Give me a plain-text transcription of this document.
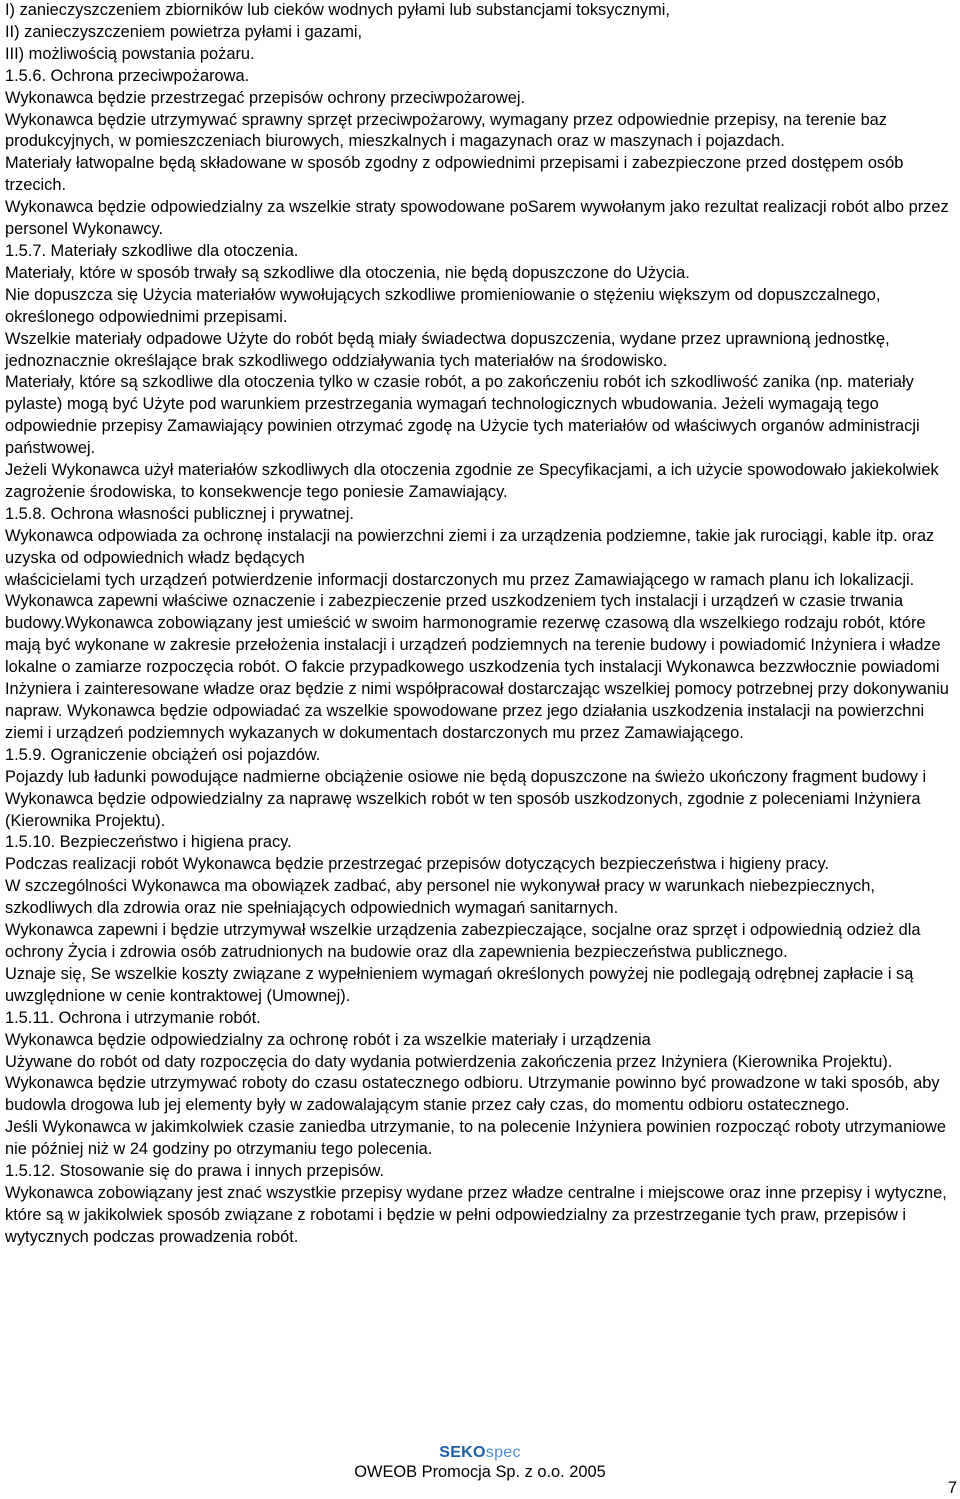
I) zanieczyszczeniem zbiorników lub cieków wodnych pyłami lub substancjami toksycznymi,

II) zanieczyszczeniem powietrza pyłami i gazami,

III) możliwością powstania pożaru.

1.5.6. Ochrona przeciwpożarowa.

Wykonawca będzie przestrzegać przepisów ochrony przeciwpożarowej.

Wykonawca będzie utrzymywać sprawny sprzęt przeciwpożarowy, wymagany przez odpowiednie przepisy, na terenie baz produkcyjnych, w pomieszczeniach biurowych, mieszkalnych i magazynach oraz w maszynach i pojazdach.

Materiały łatwopalne będą składowane w sposób zgodny z odpowiednimi przepisami i zabezpieczone przed dostępem osób trzecich.

Wykonawca będzie odpowiedzialny za wszelkie straty spowodowane poSarem wywołanym jako rezultat realizacji robót albo przez personel Wykonawcy.

1.5.7. Materiały szkodliwe dla otoczenia.

Materiały, które w sposób trwały są szkodliwe dla otoczenia, nie będą dopuszczone do Użycia.

Nie dopuszcza się Użycia materiałów wywołujących szkodliwe promieniowanie o stężeniu większym od dopuszczalnego, określonego odpowiednimi przepisami.

Wszelkie materiały odpadowe Użyte do robót będą miały świadectwa dopuszczenia, wydane przez uprawnioną jednostkę, jednoznacznie określające brak szkodliwego oddziaływania tych materiałów na środowisko.

Materiały, które są szkodliwe dla otoczenia tylko w czasie robót, a po zakończeniu robót ich szkodliwość zanika (np. materiały pylaste) mogą być Użyte pod warunkiem przestrzegania wymagań technologicznych wbudowania. Jeżeli wymagają tego odpowiednie przepisy Zamawiający powinien otrzymać zgodę na Użycie tych materiałów od właściwych organów administracji państwowej.

Jeżeli Wykonawca użył materiałów szkodliwych dla otoczenia zgodnie ze Specyfikacjami, a ich użycie spowodowało jakiekolwiek zagrożenie środowiska, to konsekwencje tego poniesie Zamawiający.

1.5.8. Ochrona własności publicznej i prywatnej.

Wykonawca odpowiada za ochronę instalacji na powierzchni ziemi i za urządzenia podziemne, takie jak rurociągi, kable itp. oraz uzyska od odpowiednich władz będących

właścicielami tych urządzeń potwierdzenie informacji dostarczonych mu przez Zamawiającego w ramach planu ich lokalizacji. Wykonawca zapewni właściwe oznaczenie i zabezpieczenie przed uszkodzeniem tych instalacji i urządzeń w czasie trwania budowy.Wykonawca zobowiązany jest umieścić w swoim harmonogramie rezerwę czasową dla wszelkiego rodzaju robót, które mają być wykonane w zakresie przełożenia instalacji i urządzeń podziemnych na terenie budowy i powiadomić Inżyniera i władze lokalne o zamiarze rozpoczęcia robót. O fakcie przypadkowego uszkodzenia tych instalacji Wykonawca bezzwłocznie powiadomi Inżyniera i zainteresowane władze oraz będzie z nimi współpracował dostarczając wszelkiej pomocy potrzebnej przy dokonywaniu napraw. Wykonawca będzie odpowiadać za wszelkie spowodowane przez jego działania uszkodzenia instalacji na powierzchni ziemi i urządzeń podziemnych wykazanych w dokumentach dostarczonych mu przez Zamawiającego.

1.5.9. Ograniczenie obciążeń osi pojazdów.

Pojazdy lub ładunki powodujące nadmierne obciążenie osiowe nie będą dopuszczone na świeżo ukończony fragment budowy i Wykonawca będzie odpowiedzialny za naprawę wszelkich robót w ten sposób uszkodzonych, zgodnie z poleceniami Inżyniera (Kierownika Projektu).

1.5.10. Bezpieczeństwo i higiena pracy.

Podczas realizacji robót Wykonawca będzie przestrzegać przepisów dotyczących bezpieczeństwa i higieny pracy.

W szczególności Wykonawca ma obowiązek zadbać, aby personel nie wykonywał pracy w warunkach niebezpiecznych, szkodliwych dla zdrowia oraz nie spełniających odpowiednich wymagań sanitarnych.

Wykonawca zapewni i będzie utrzymywał wszelkie urządzenia zabezpieczające, socjalne oraz sprzęt i odpowiednią odzież dla ochrony Życia i zdrowia osób zatrudnionych na budowie oraz dla zapewnienia bezpieczeństwa publicznego.

Uznaje się, Se wszelkie koszty związane z wypełnieniem wymagań określonych powyżej nie podlegają odrębnej zapłacie i są uwzględnione w cenie kontraktowej (Umownej).

1.5.11. Ochrona i utrzymanie robót.

Wykonawca będzie odpowiedzialny za ochronę robót i za wszelkie materiały i urządzenia

Używane do robót od daty rozpoczęcia do daty wydania potwierdzenia zakończenia przez Inżyniera (Kierownika Projektu).

Wykonawca będzie utrzymywać roboty do czasu ostatecznego odbioru. Utrzymanie powinno być prowadzone w taki sposób, aby budowla drogowa lub jej elementy były w zadowalającym stanie przez cały czas, do momentu odbioru ostatecznego.

Jeśli Wykonawca w jakimkolwiek czasie zaniedba utrzymanie, to na polecenie Inżyniera powinien rozpocząć roboty utrzymaniowe nie później niż w 24 godziny po otrzymaniu tego polecenia.

1.5.12. Stosowanie się do prawa i innych przepisów.

Wykonawca zobowiązany jest znać wszystkie przepisy wydane przez władze centralne i miejscowe oraz inne przepisy i wytyczne, które są w jakikolwiek sposób związane z robotami i będzie w pełni odpowiedzialny za przestrzeganie tych praw, przepisów i wytycznych podczas prowadzenia robót.

SEKOspec
OWEOB Promocja Sp. z o.o. 2005
7
